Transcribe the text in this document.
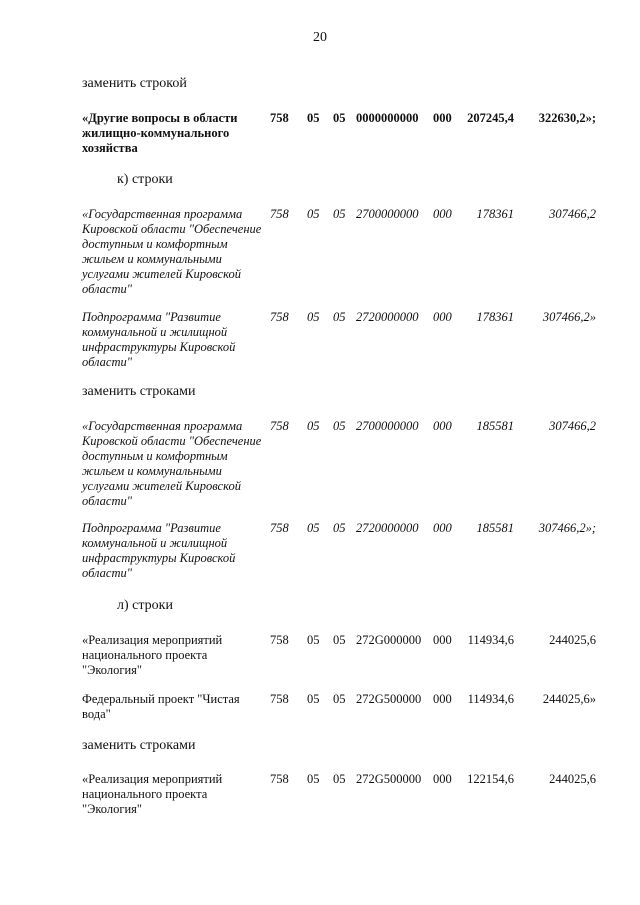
20
заменить строкой
«Другие вопросы в области жилищно-коммунального хозяйства
758 05 05 0000000000 000 207245,4 322630,2»;
к) строки
«Государственная программа Кировской области "Обеспечение доступным и комфортным жильем и коммунальными услугами жителей Кировской области"
758 05 05 2700000000 000 178361	307466,2
Подпрограмма "Развитие коммунальной и жилищной инфраструктуры Кировской области"
758 05 05 2720000000 000 178361 307466,2»
заменить строками
«Государственная программа Кировской области "Обеспечение доступным и комфортным жильем и коммунальными услугами жителей Кировской области"
758 05 05 2700000000 000 185581	307466,2
Подпрограмма "Развитие коммунальной и жилищной инфраструктуры Кировской области"
758 05 05 2720000000 000 185581 307466,2»;
л) строки
«Реализация мероприятий национального проекта "Экология"
758 05 05 272G000000 000 114934,6	244025,6
Федеральный проект "Чистая вода"
758 05 05 272G500000 000 114934,6 244025,6»
заменить строками
«Реализация мероприятий национального проекта "Экология"
758 05 05 272G500000 000 122154,6	244025,6
